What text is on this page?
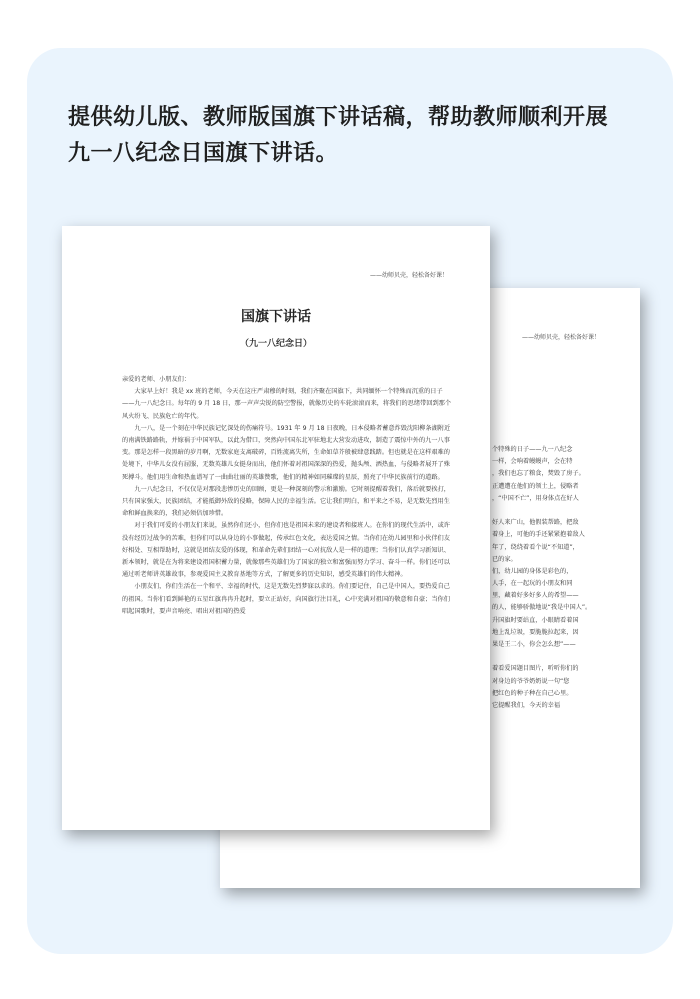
提供幼儿版、教师版国旗下讲话稿，帮助教师顺利开展
九一八纪念日国旗下讲话。
——幼师贝壳，轻松备好课！
个特殊的日子——九一八纪念
一样，会响着鳗鳗声，会在特
，我们也忘了粮食，焚毁了房子。
正遭遭在他们的领土上，侵略者
，“中国不亡”，用身体点在好人
好人来广山，他假装帮路，把敌
着身上，可他的手还紧紧抱着敌人
年了，绕绕着看个说“不知道”，
已的家。
们，幼儿园的身体是彩色的，
人手，在一起玩的小朋友和同
里，藏着好多好多人的希望——
的人，能够骄傲地说“我是中国人”。
升国旗时要站直，小眼睛看着国
地上乱垃圾，要脆脆拉起来，因
果是王二小，你会怎么想”——
着看爱国题目图片，听听你们的
对身边的爷爷奶奶说一句“您
把红色的种子种在自己心里。
它提醒我们，今天的幸福
——幼师贝壳，轻松备好课！
国旗下讲话
（九一八纪念日）

亲爱的老师、小朋友们：

大家早上好！我是 xx 班的老师，今天在这庄严肃穆的时刻，我们齐聚在国旗下，共同缅怀一个特殊而沉重的日子——九一八纪念日。每年的 9 月 18 日，那一声声尖锐的防空警报，就像历史的车轮滚滚而来，将我们的思绪带回到那个风火纷飞、民族危亡的年代。

九一八，是一个刻在中华民族记忆深处的伤痛符号。1931 年 9 月 18 日夜晚，日本侵略者蓄意炸毁沈阳柳条湖附近的南满铁路路轨，并嫁祸于中国军队，以此为借口，突然向中国东北军驻地北大营发动进攻，制造了震惊中外的九一八事变。那是怎样一段黑暗的岁月啊，无数家庭支离破碎，百姓流离失所，生命如草芥般被肆意践踏。但也就是在这样艰难的处境下，中华儿女没有屈服，无数英雄儿女挺身而出，他们怀着对祖国深深的热爱，抛头颅、洒热血，与侵略者展开了殊死搏斗。他们用生命和热血谱写了一曲曲壮丽的英雄赞歌，他们的精神如同璀璨的星辰，照亮了中华民族前行的道路。

九一八纪念日，不仅仅是对那段悲惨历史的回顾，更是一种深刻的警示和激励。它时刻提醒着我们，落后就要挨打，只有国家强大，民族团结，才能抵御外敌的侵略，保障人民的幸福生活。它让我们明白，和平来之不易，是无数先烈用生命和鲜血换来的，我们必须倍加珍惜。

对于我们可爱的小朋友们来说，虽然你们还小，但你们也是祖国未来的建设者和接班人。在你们的现代生活中，或许没有经历过战争的苦难，但你们可以从身边的小事做起，传承红色文化，表达爱国之情。当你们在幼儿园里和小伙伴们友好相处、互相帮助时，这就是团结友爱的体现，和革命先辈们团结一心对抗敌人是一样的道理；当你们认真学习新知识、新本领时，就是在为将来建设祖国积蓄力量，就像那些英雄们为了国家的独立和富强而努力学习、奋斗一样。你们还可以通过听老师讲英雄故事，参观爱国主义教育基地等方式，了解更多的历史知识，感受英雄们的伟大精神。

小朋友们，你们生活在一个和平、幸福的时代，这是无数先烈梦寐以求的。你们要记住，自己是中国人，要热爱自己的祖国。当你们看到鲜艳的五星红旗冉冉升起时，要立正站好，向国旗行注目礼，心中充满对祖国的敬意和自豪；当你们唱起国歌时，要声音响亮、唱出对祖国的热爱
